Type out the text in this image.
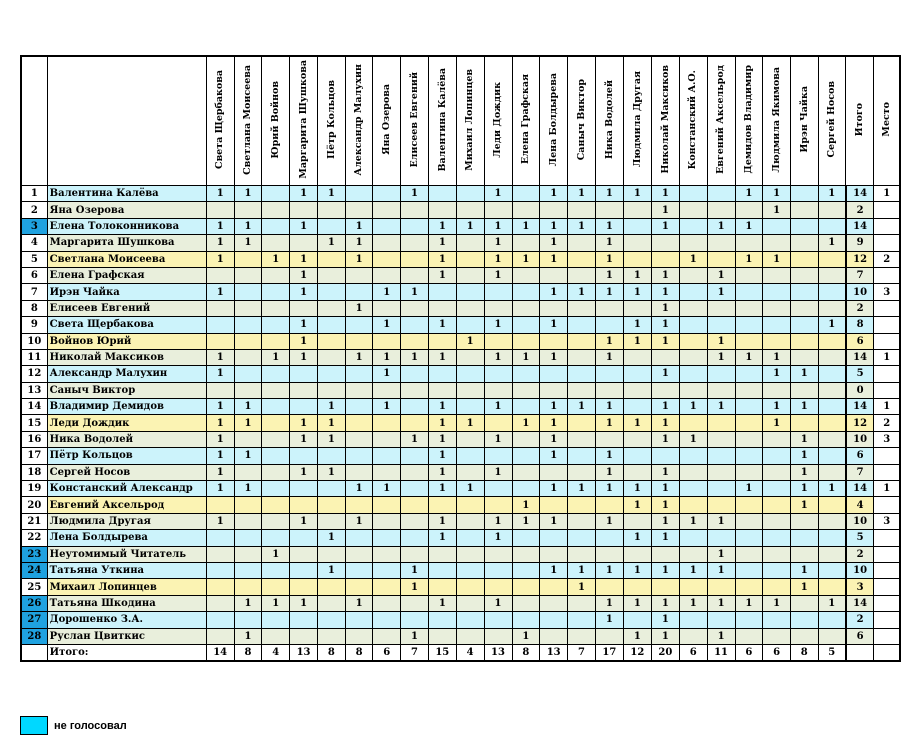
		Света Щербакова	Светлана Моисеева	Юрий Войнов	Маргарита Шушкова	Пётр Кольцов	Александр Малухин	Яна Озерова	Елисеев Евгений	Валентина Калёва	Михаил Лопинцев	Леди Дождик	Елена Графская	Лена Болдырева	Саныч Виктор	Ника Водолей	Людмила Другая	Николай Максиков	Констанский А.О.	Евгений Аксельрод	Демидов Владимир	Людмила Якимова	Ирэн Чайка	Сергей Носов	Итого	Место
1	Валентина Калёва	1	1		1	1			1			1		1	1	1	1	1			1	1		1	14	1
2	Яна Озерова																	1				1			2	
3	Елена Толоконникова	1	1		1		1			1	1	1	1	1	1	1		1		1	1				14	
4	Маргарита Шушкова	1	1			1	1			1		1		1		1								1	9	
5	Светлана Моисеева	1		1	1		1			1		1	1	1		1			1		1	1			12	2
6	Елена Графская				1					1		1				1	1	1		1					7	
7	Ирэн Чайка	1			1			1	1					1	1	1	1	1		1					10	3
8	Елисеев Евгений						1											1							2	
9	Света Щербакова				1			1		1		1		1			1	1						1	8	
10	Войнов Юрий				1						1					1	1	1		1					6	
11	Николай Максиков	1		1	1		1	1	1	1		1	1	1		1				1	1	1			14	1
12	Александр Малухин	1						1										1				1	1		5	
13	Саныч Виктор																								0	
14	Владимир Демидов	1	1			1		1		1		1		1	1	1		1	1	1		1	1		14	1
15	Леди Дождик	1	1		1	1				1	1		1	1		1	1	1				1			12	2
16	Ника Водолей	1			1	1			1	1		1		1				1	1				1		10	3
17	Пётр Кольцов	1	1							1				1		1							1		6	
18	Сергей Носов	1			1	1				1		1				1		1					1		7	
19	Констанский Александр	1	1				1	1		1	1			1	1	1	1	1			1		1	1	14	1
20	Евгений Аксельрод												1				1	1					1		4	
21	Людмила Другая	1			1		1			1		1	1	1		1		1	1	1					10	3
22	Лена Болдырева					1				1		1					1	1							5	
23	Неутомимый Читатель			1																1					2	
24	Татьяна Уткина					1			1					1	1	1	1	1	1	1			1		10	
25	Михаил Лопинцев								1						1								1		3	
26	Татьяна Шкодина		1	1	1		1			1		1				1	1	1	1	1	1	1		1	14	
27	Дорошенко З.А.															1		1							2	
28	Руслан Цвиткис		1						1				1				1	1		1					6	
	Итого:	14	8	4	13	8	8	6	7	15	4	13	8	13	7	17	12	20	6	11	6	6	8	5		
не голосовал
